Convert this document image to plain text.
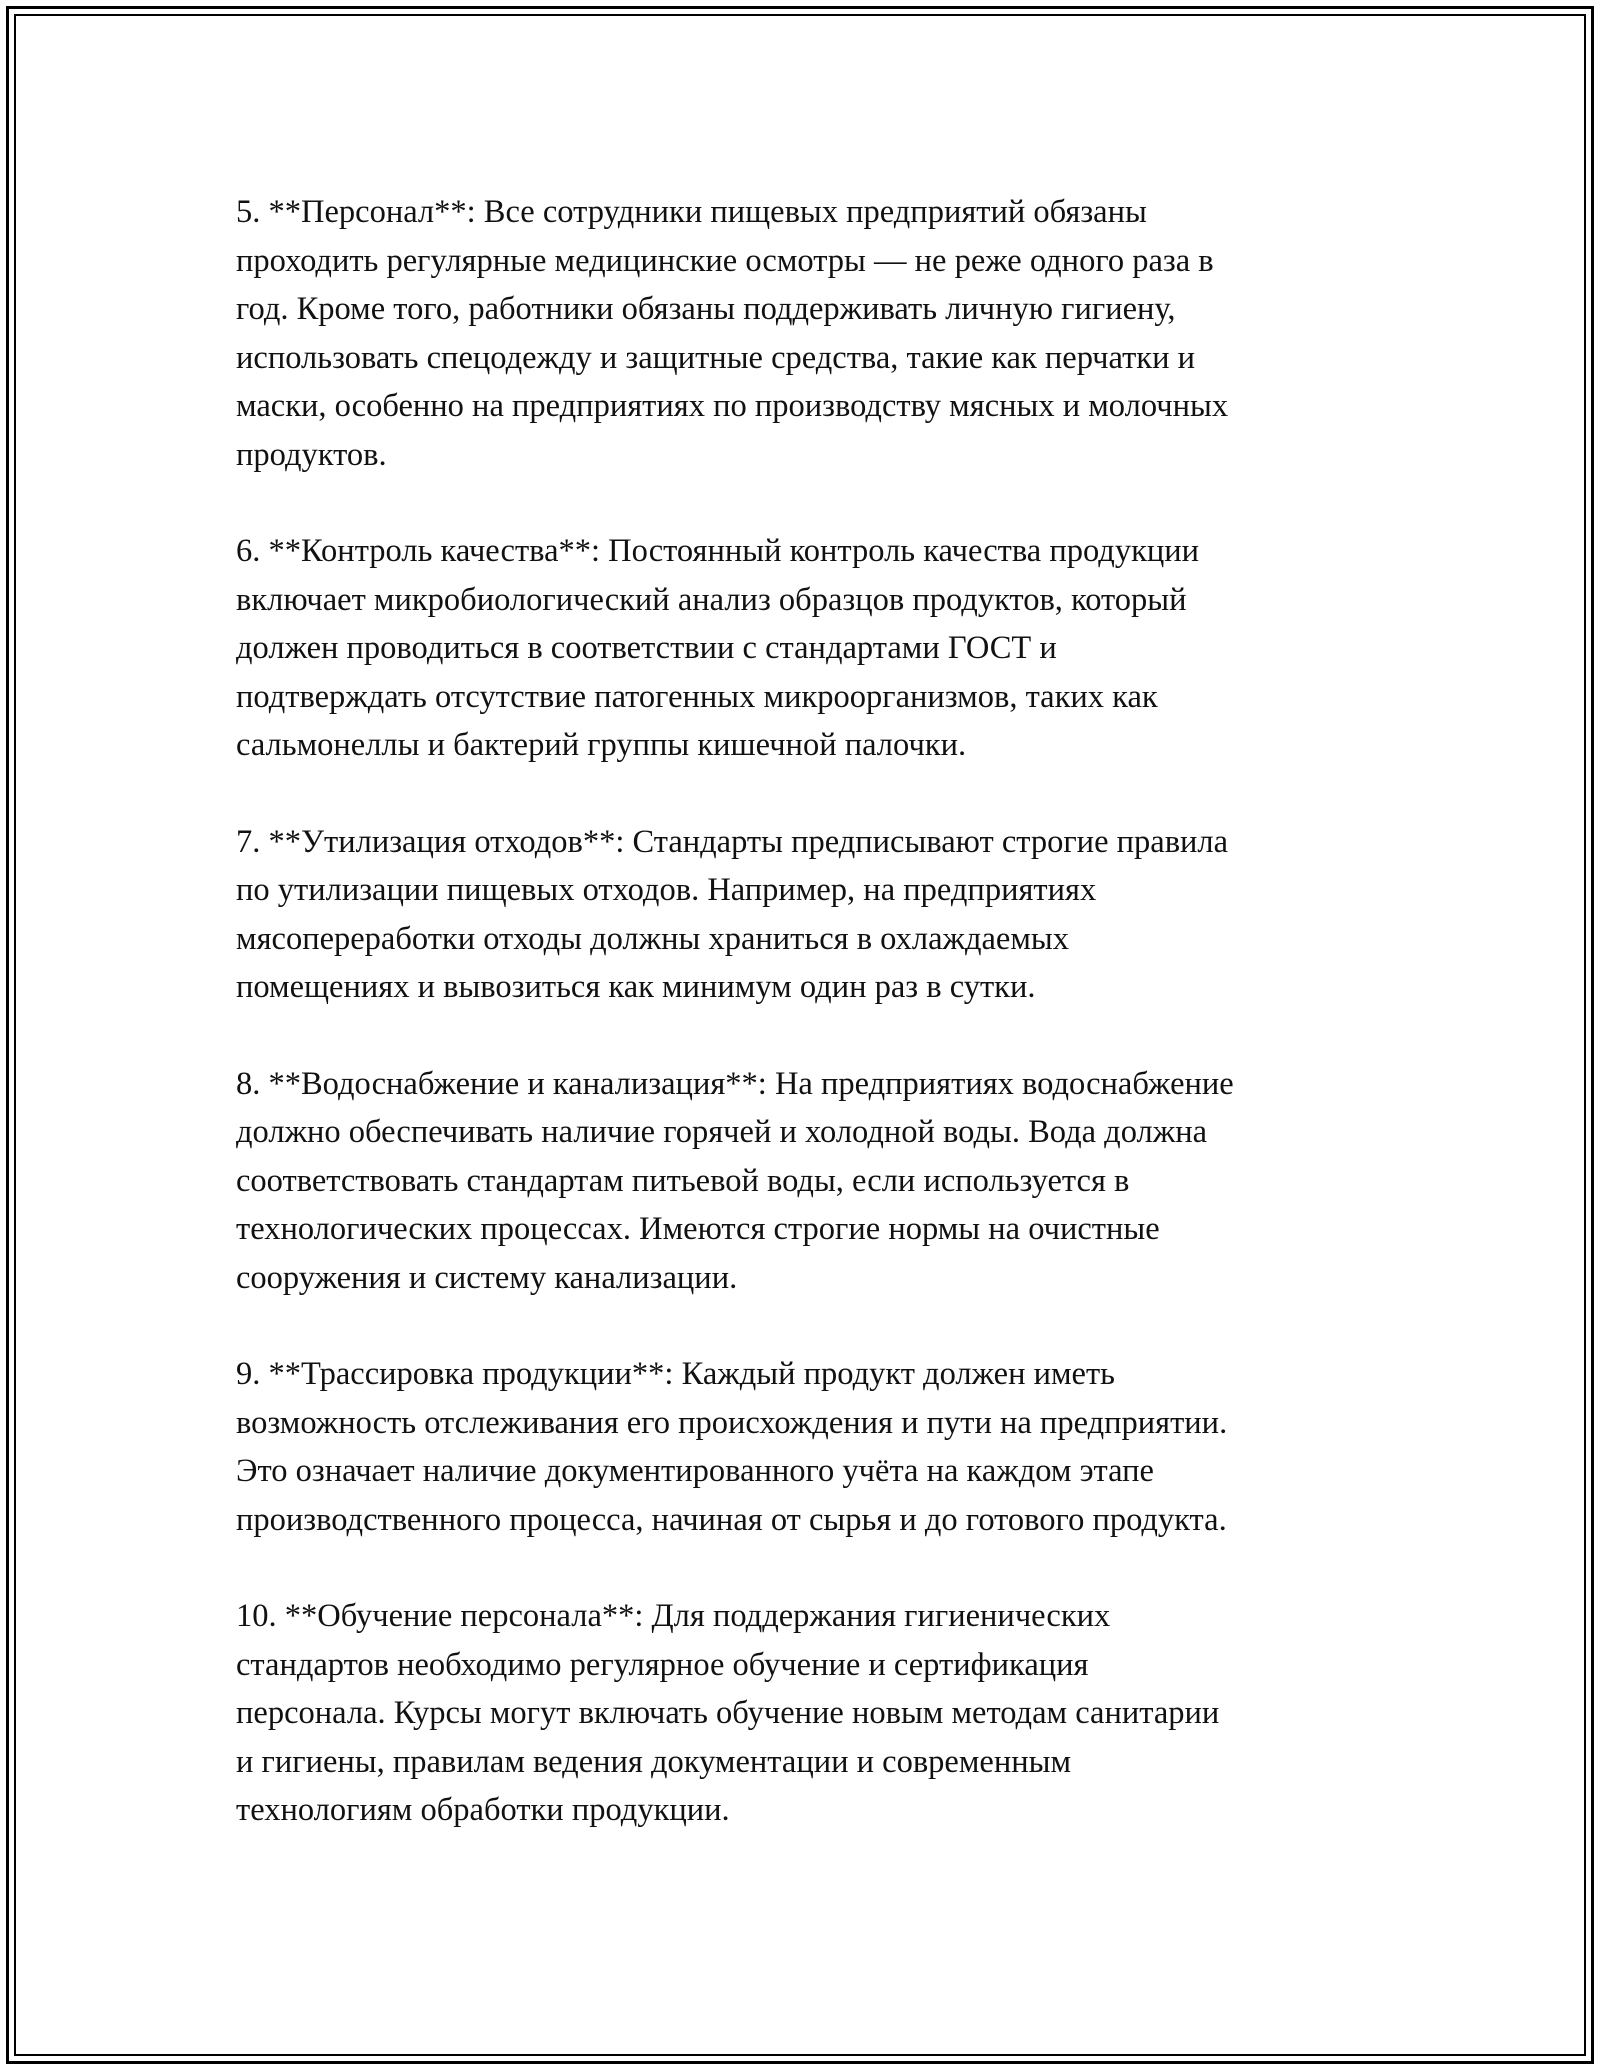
5. **Персонал**: Все сотрудники пищевых предприятий обязаны
проходить регулярные медицинские осмотры — не реже одного раза в
год. Кроме того, работники обязаны поддерживать личную гигиену,
использовать спецодежду и защитные средства, такие как перчатки и
маски, особенно на предприятиях по производству мясных и молочных
продуктов.

6. **Контроль качества**: Постоянный контроль качества продукции
включает микробиологический анализ образцов продуктов, который
должен проводиться в соответствии с стандартами ГОСТ и
подтверждать отсутствие патогенных микроорганизмов, таких как
сальмонеллы и бактерий группы кишечной палочки.

7. **Утилизация отходов**: Стандарты предписывают строгие правила
по утилизации пищевых отходов. Например, на предприятиях
мясопереработки отходы должны храниться в охлаждаемых
помещениях и вывозиться как минимум один раз в сутки.

8. **Водоснабжение и канализация**: На предприятиях водоснабжение
должно обеспечивать наличие горячей и холодной воды. Вода должна
соответствовать стандартам питьевой воды, если используется в
технологических процессах. Имеются строгие нормы на очистные
сооружения и систему канализации.

9. **Трассировка продукции**: Каждый продукт должен иметь
возможность отслеживания его происхождения и пути на предприятии.
Это означает наличие документированного учёта на каждом этапе
производственного процесса, начиная от сырья и до готового продукта.

10. **Обучение персонала**: Для поддержания гигиенических
стандартов необходимо регулярное обучение и сертификация
персонала. Курсы могут включать обучение новым методам санитарии
и гигиены, правилам ведения документации и современным
технологиям обработки продукции.
